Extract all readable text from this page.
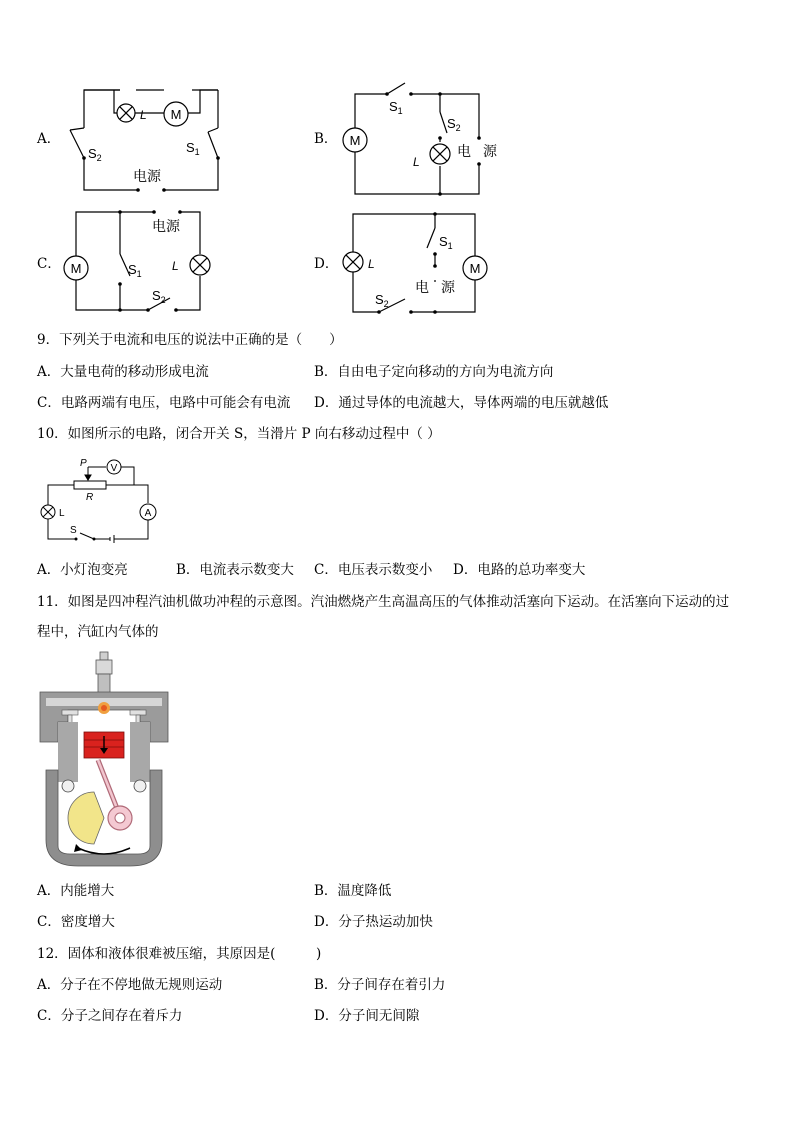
A．
M
L
$S_2$
$S_1$
电源
B． M
$S_1$
$S_2$
L
电 源
C． M	$S_1$
L
$S_2$
电源
D．	M
L
$S_1$
$S_2$
电 源
9．下列关于电流和电压的说法中正确的是（　　）
A．大量电荷的移动形成电流	B．自由电子定向移动的方向为电流方向
C．电路两端有电压，电路中可能会有电流 D．通过导体的电流越大，导体两端的电压就越低
10．如图所示的电路，闭合开关 S，当滑片 P 向右移动过程中（ ）
P V
R
L	A
S
A．小灯泡变亮	B．电流表示数变大 C．电压表示数变小 D．电路的总功率变大
11．如图是四冲程汽油机做功冲程的示意图。汽油燃烧产生高温高压的气体推动活塞向下运动。在活塞向下运动的过
程中，汽缸内气体的
A．内能增大	B．温度降低
C．密度增大	D．分子热运动加快
12．固体和液体很难被压缩，其原因是(　　　)
A．分子在不停地做无规则运动	B．分子间存在着引力
C．分子之间存在着斥力	D．分子间无间隙
